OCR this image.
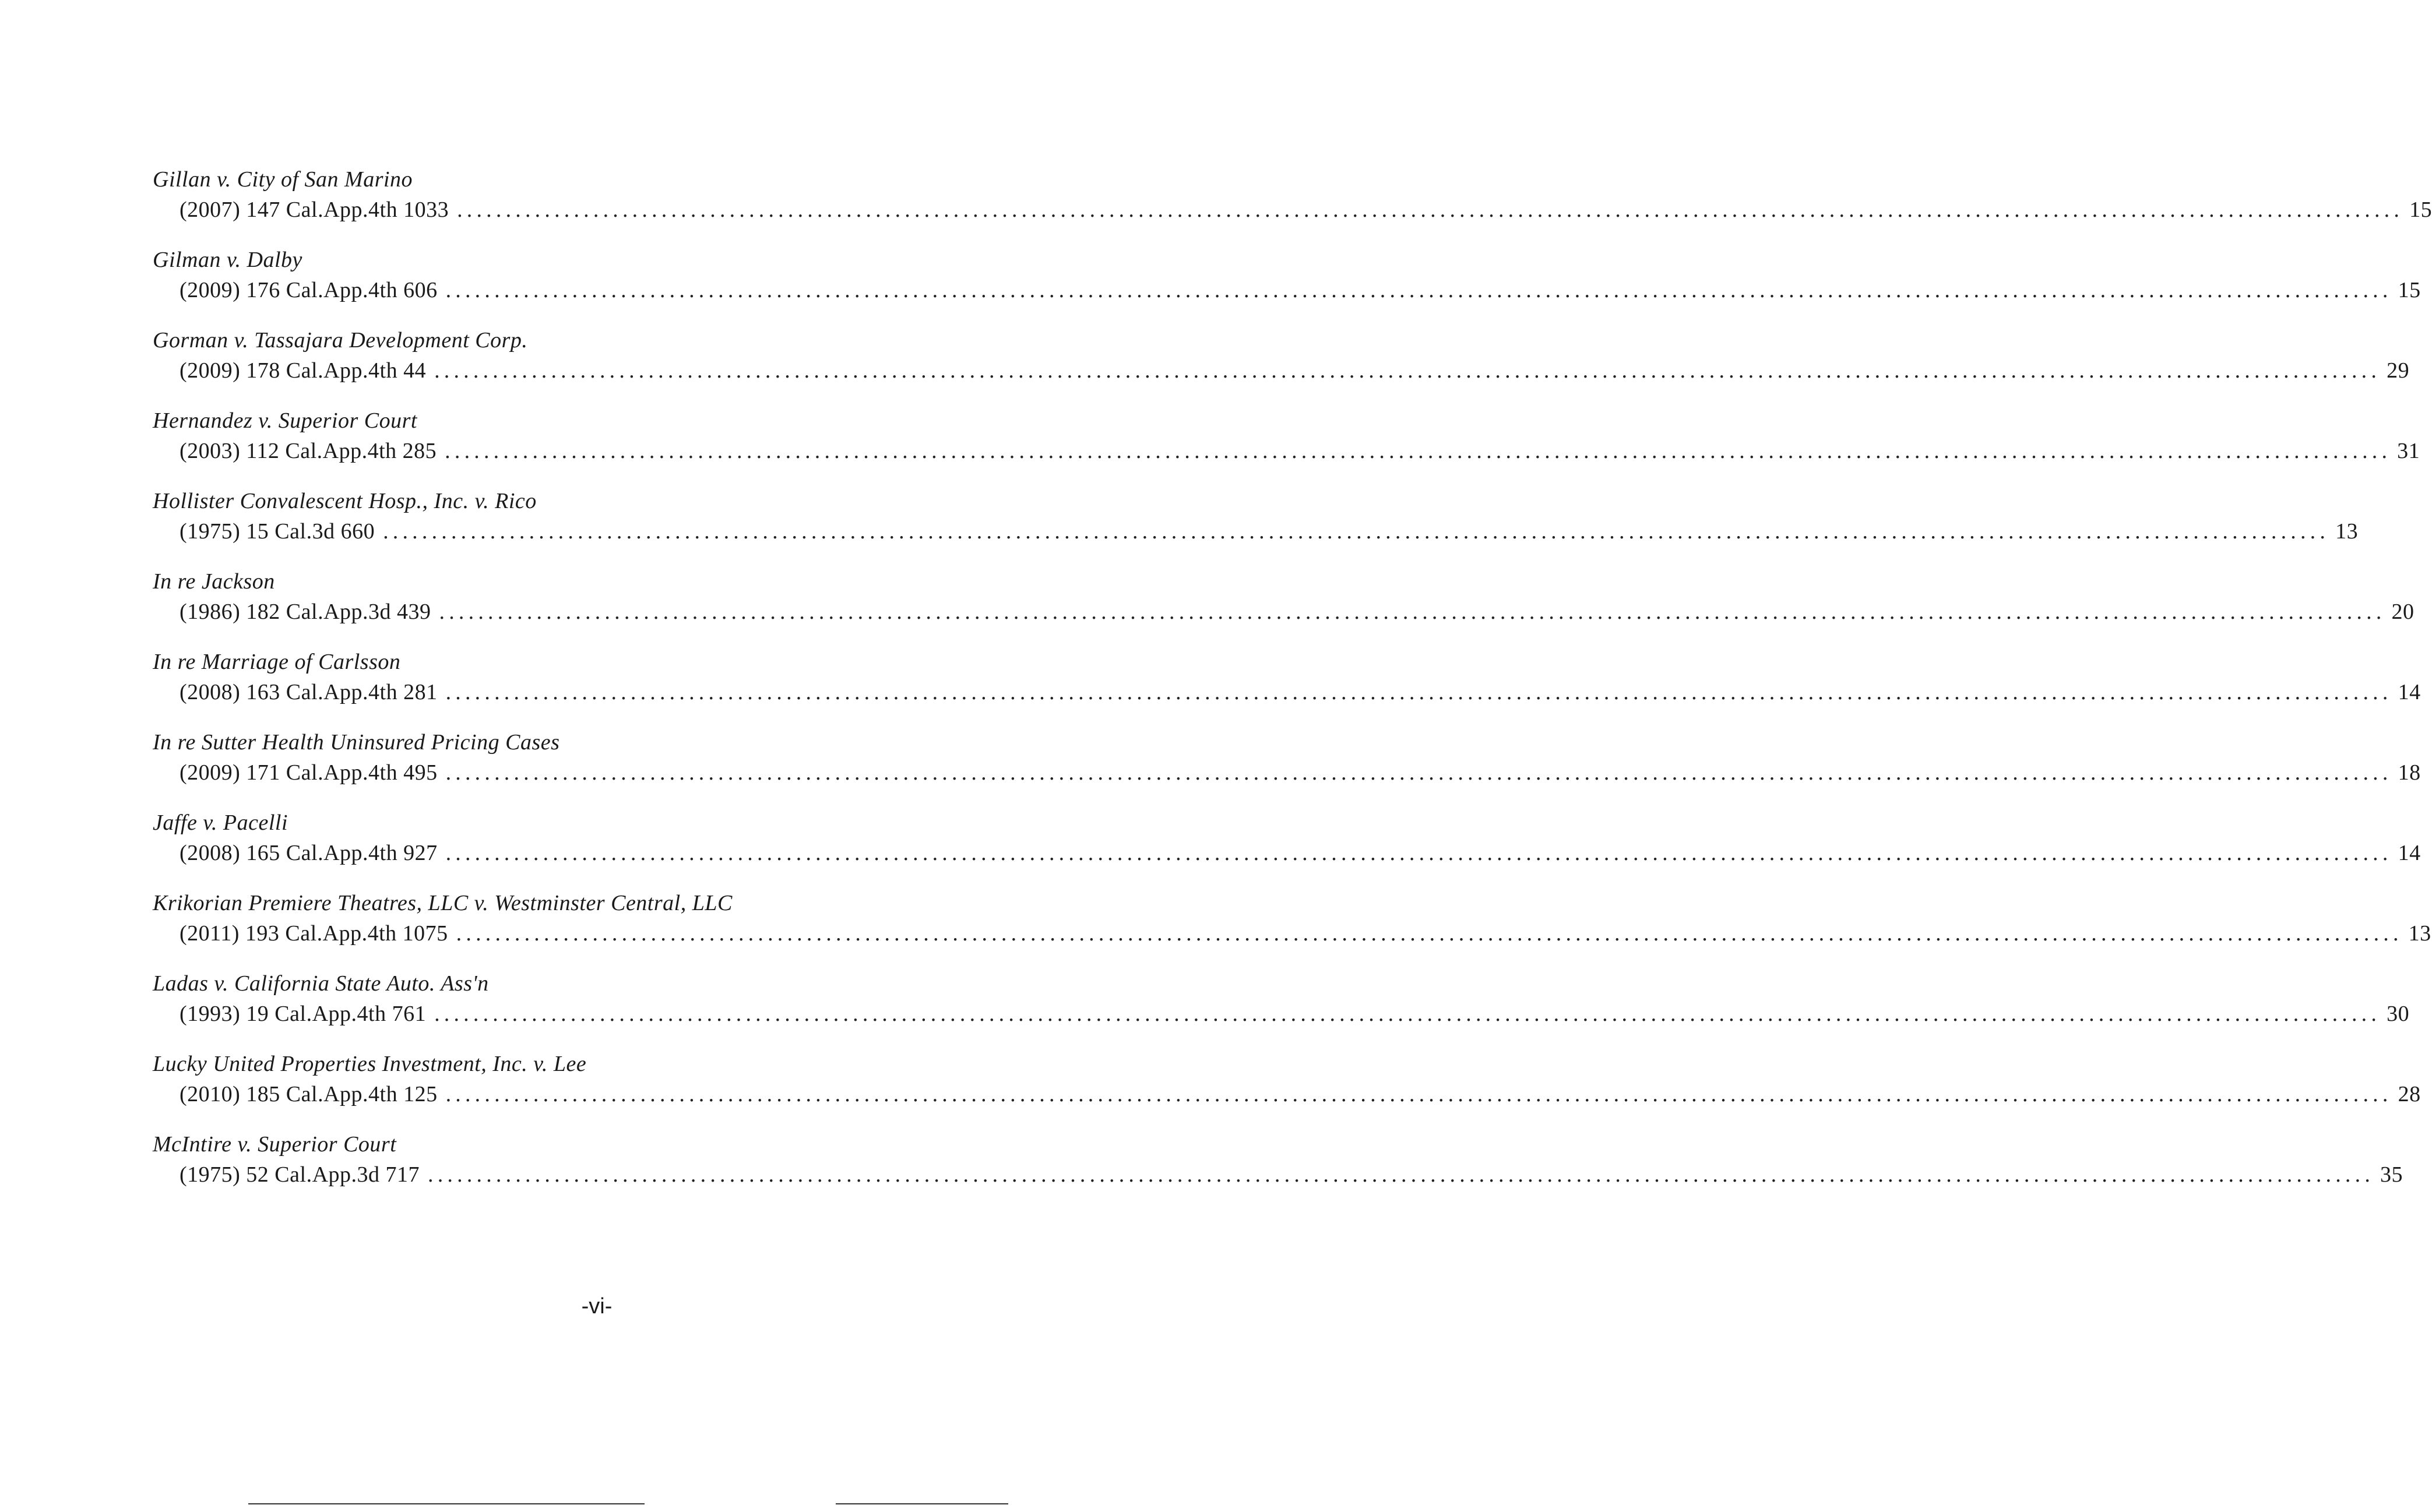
Gillan v. City of San Marino
(2007) 147 Cal.App.4th 1033 ........................................................................................................................................................................................................ 15
Gilman v. Dalby
(2009) 176 Cal.App.4th 606 ........................................................................................................................................................................................................ 15
Gorman v. Tassajara Development Corp.
(2009) 178 Cal.App.4th 44 ........................................................................................................................................................................................................ 29
Hernandez v. Superior Court
(2003) 112 Cal.App.4th 285 ........................................................................................................................................................................................................ 31
Hollister Convalescent Hosp., Inc. v. Rico
(1975) 15 Cal.3d 660 ........................................................................................................................................................................................................ 13
In re Jackson
(1986) 182 Cal.App.3d 439 ........................................................................................................................................................................................................ 20
In re Marriage of Carlsson
(2008) 163 Cal.App.4th 281 ........................................................................................................................................................................................................ 14
In re Sutter Health Uninsured Pricing Cases
(2009) 171 Cal.App.4th 495 ........................................................................................................................................................................................................ 18
Jaffe v. Pacelli
(2008) 165 Cal.App.4th 927 ........................................................................................................................................................................................................ 14
Krikorian Premiere Theatres, LLC v. Westminster Central, LLC
(2011) 193 Cal.App.4th 1075 ........................................................................................................................................................................................................ 13
Ladas v. California State Auto. Ass'n
(1993) 19 Cal.App.4th 761 ........................................................................................................................................................................................................ 30
Lucky United Properties Investment, Inc. v. Lee
(2010) 185 Cal.App.4th 125 ........................................................................................................................................................................................................ 28
McIntire v. Superior Court
(1975) 52 Cal.App.3d 717 ........................................................................................................................................................................................................ 35
-vi-
